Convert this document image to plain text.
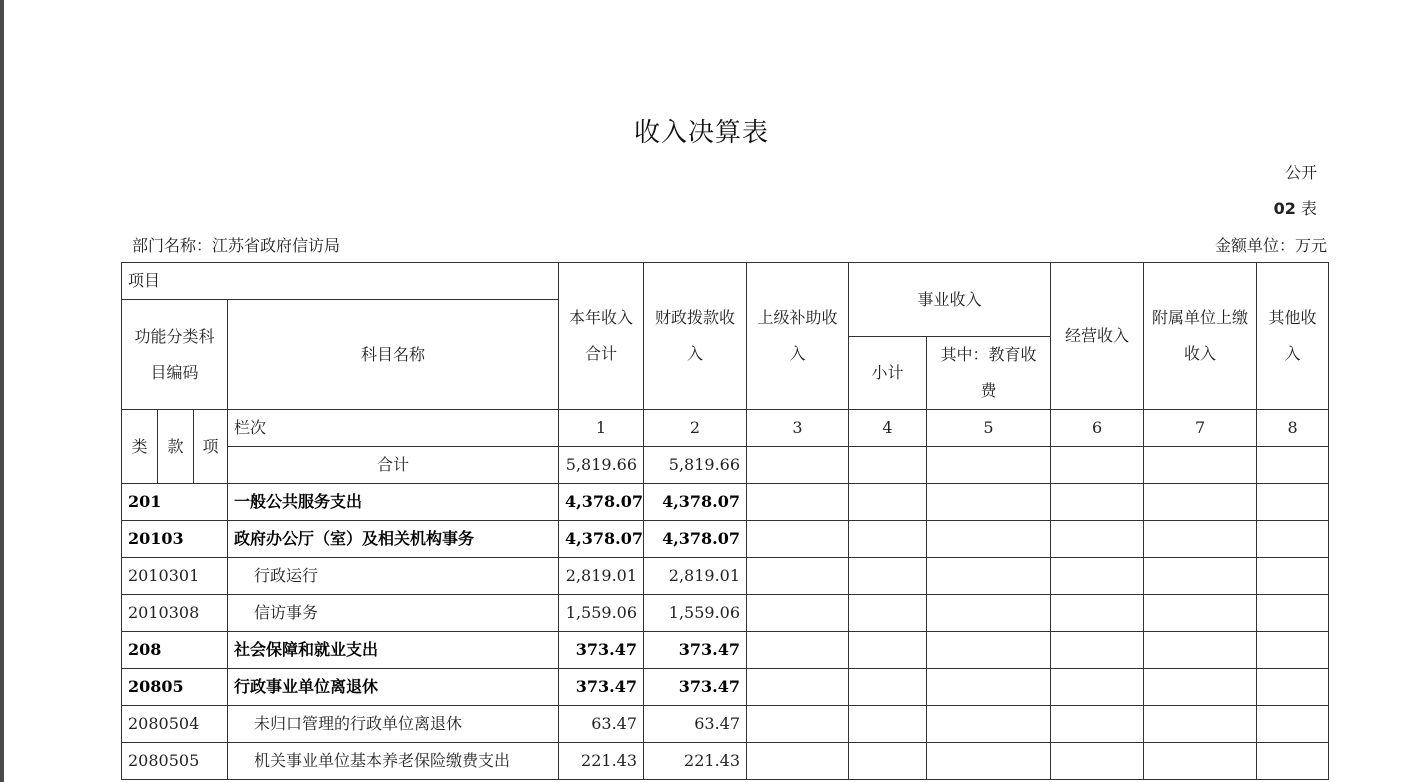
收入决算表
公开
02 表
部门名称：江苏省政府信访局	金额单位：万元
项目				本年收入合计	财政拨款收入	上级补助收入	事业收入		经营收入	附属单位上缴收入	其他收入
功能分类科目编码			科目名称								
							小计	其中：教育收费			
类	款	项	栏次	1	2	3	4	5	6	7	8
			合计	5,819.66	5,819.66						
201			一般公共服务支出	4,378.07	4,378.07						
20103			政府办公厅（室）及相关机构事务	4,378.07	4,378.07						
2010301			行政运行	2,819.01	2,819.01						
2010308			信访事务	1,559.06	1,559.06						
208			社会保障和就业支出	373.47	373.47						
20805			行政事业单位离退休	373.47	373.47						
2080504			未归口管理的行政单位离退休	63.47	63.47						
2080505			机关事业单位基本养老保险缴费支出	221.43	221.43						
